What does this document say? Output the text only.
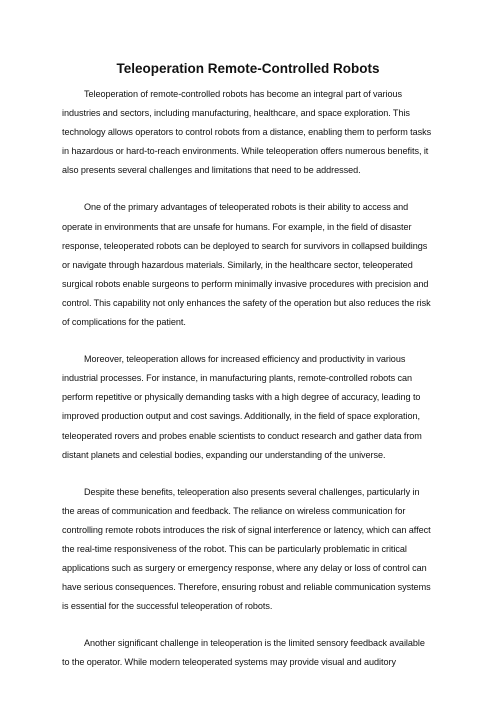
Teleoperation Remote-Controlled Robots

Teleoperation of remote-controlled robots has become an integral part of various industries and sectors, including manufacturing, healthcare, and space exploration. This technology allows operators to control robots from a distance, enabling them to perform tasks in hazardous or hard-to-reach environments. While teleoperation offers numerous benefits, it also presents several challenges and limitations that need to be addressed.

One of the primary advantages of teleoperated robots is their ability to access and operate in environments that are unsafe for humans. For example, in the field of disaster response, teleoperated robots can be deployed to search for survivors in collapsed buildings or navigate through hazardous materials. Similarly, in the healthcare sector, teleoperated surgical robots enable surgeons to perform minimally invasive procedures with precision and control. This capability not only enhances the safety of the operation but also reduces the risk of complications for the patient.

Moreover, teleoperation allows for increased efficiency and productivity in various industrial processes. For instance, in manufacturing plants, remote-controlled robots can perform repetitive or physically demanding tasks with a high degree of accuracy, leading to improved production output and cost savings. Additionally, in the field of space exploration, teleoperated rovers and probes enable scientists to conduct research and gather data from distant planets and celestial bodies, expanding our understanding of the universe.

Despite these benefits, teleoperation also presents several challenges, particularly in the areas of communication and feedback. The reliance on wireless communication for controlling remote robots introduces the risk of signal interference or latency, which can affect the real-time responsiveness of the robot. This can be particularly problematic in critical applications such as surgery or emergency response, where any delay or loss of control can have serious consequences. Therefore, ensuring robust and reliable communication systems is essential for the successful teleoperation of robots.

Another significant challenge in teleoperation is the limited sensory feedback available to the operator. While modern teleoperated systems may provide visual and auditory
